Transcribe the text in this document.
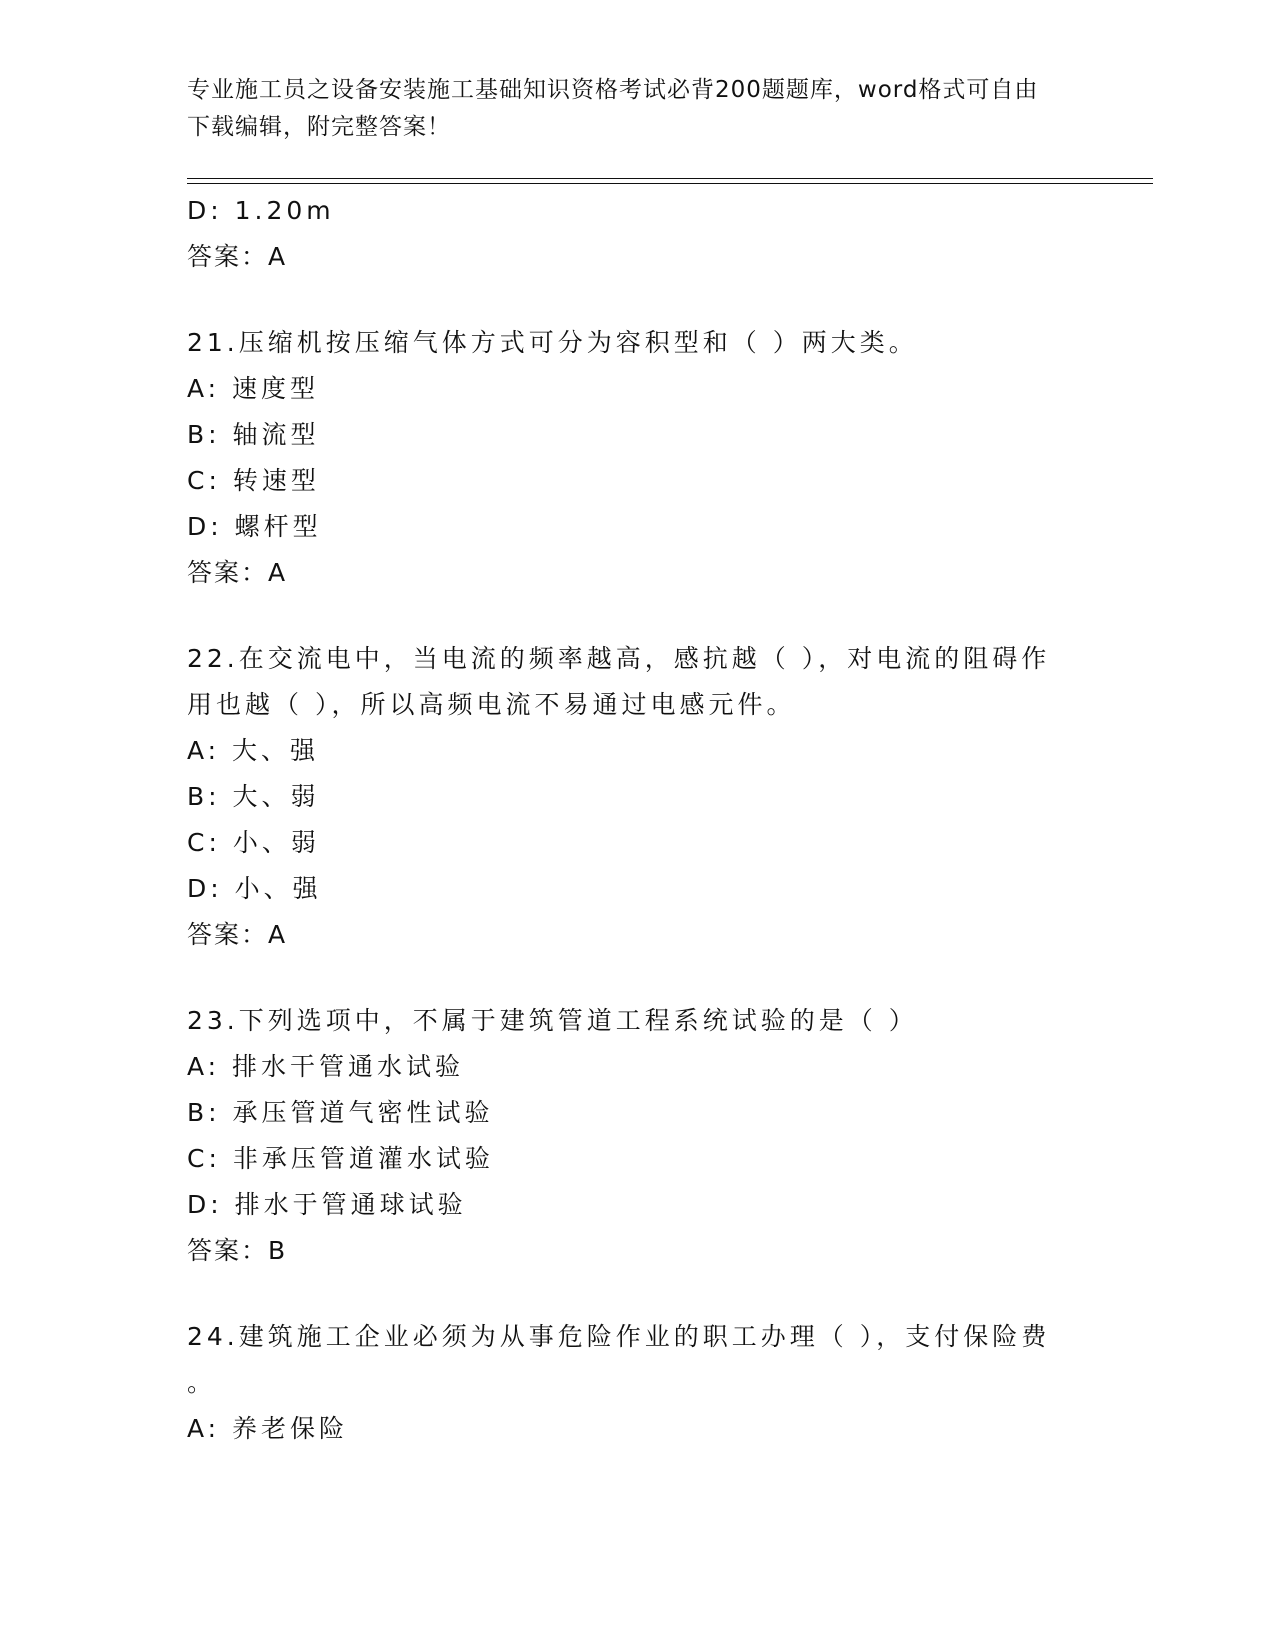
专业施工员之设备安装施工基础知识资格考试必背200题题库，word格式可自由
下载编辑，附完整答案！
D: 1.20m
答案：A
21.压缩机按压缩气体方式可分为容积型和（ ）两大类。
A: 速度型
B: 轴流型
C: 转速型
D: 螺杆型
答案：A
22.在交流电中，当电流的频率越高，感抗越（ ），对电流的阻碍作
用也越（ ），所以高频电流不易通过电感元件。
A: 大、强
B: 大、弱
C: 小、弱
D: 小、强
答案：A
23.下列选项中，不属于建筑管道工程系统试验的是（ ）
A: 排水干管通水试验
B: 承压管道气密性试验
C: 非承压管道灌水试验
D: 排水于管通球试验
答案：B
24.建筑施工企业必须为从事危险作业的职工办理（ ），支付保险费
。
A: 养老保险
